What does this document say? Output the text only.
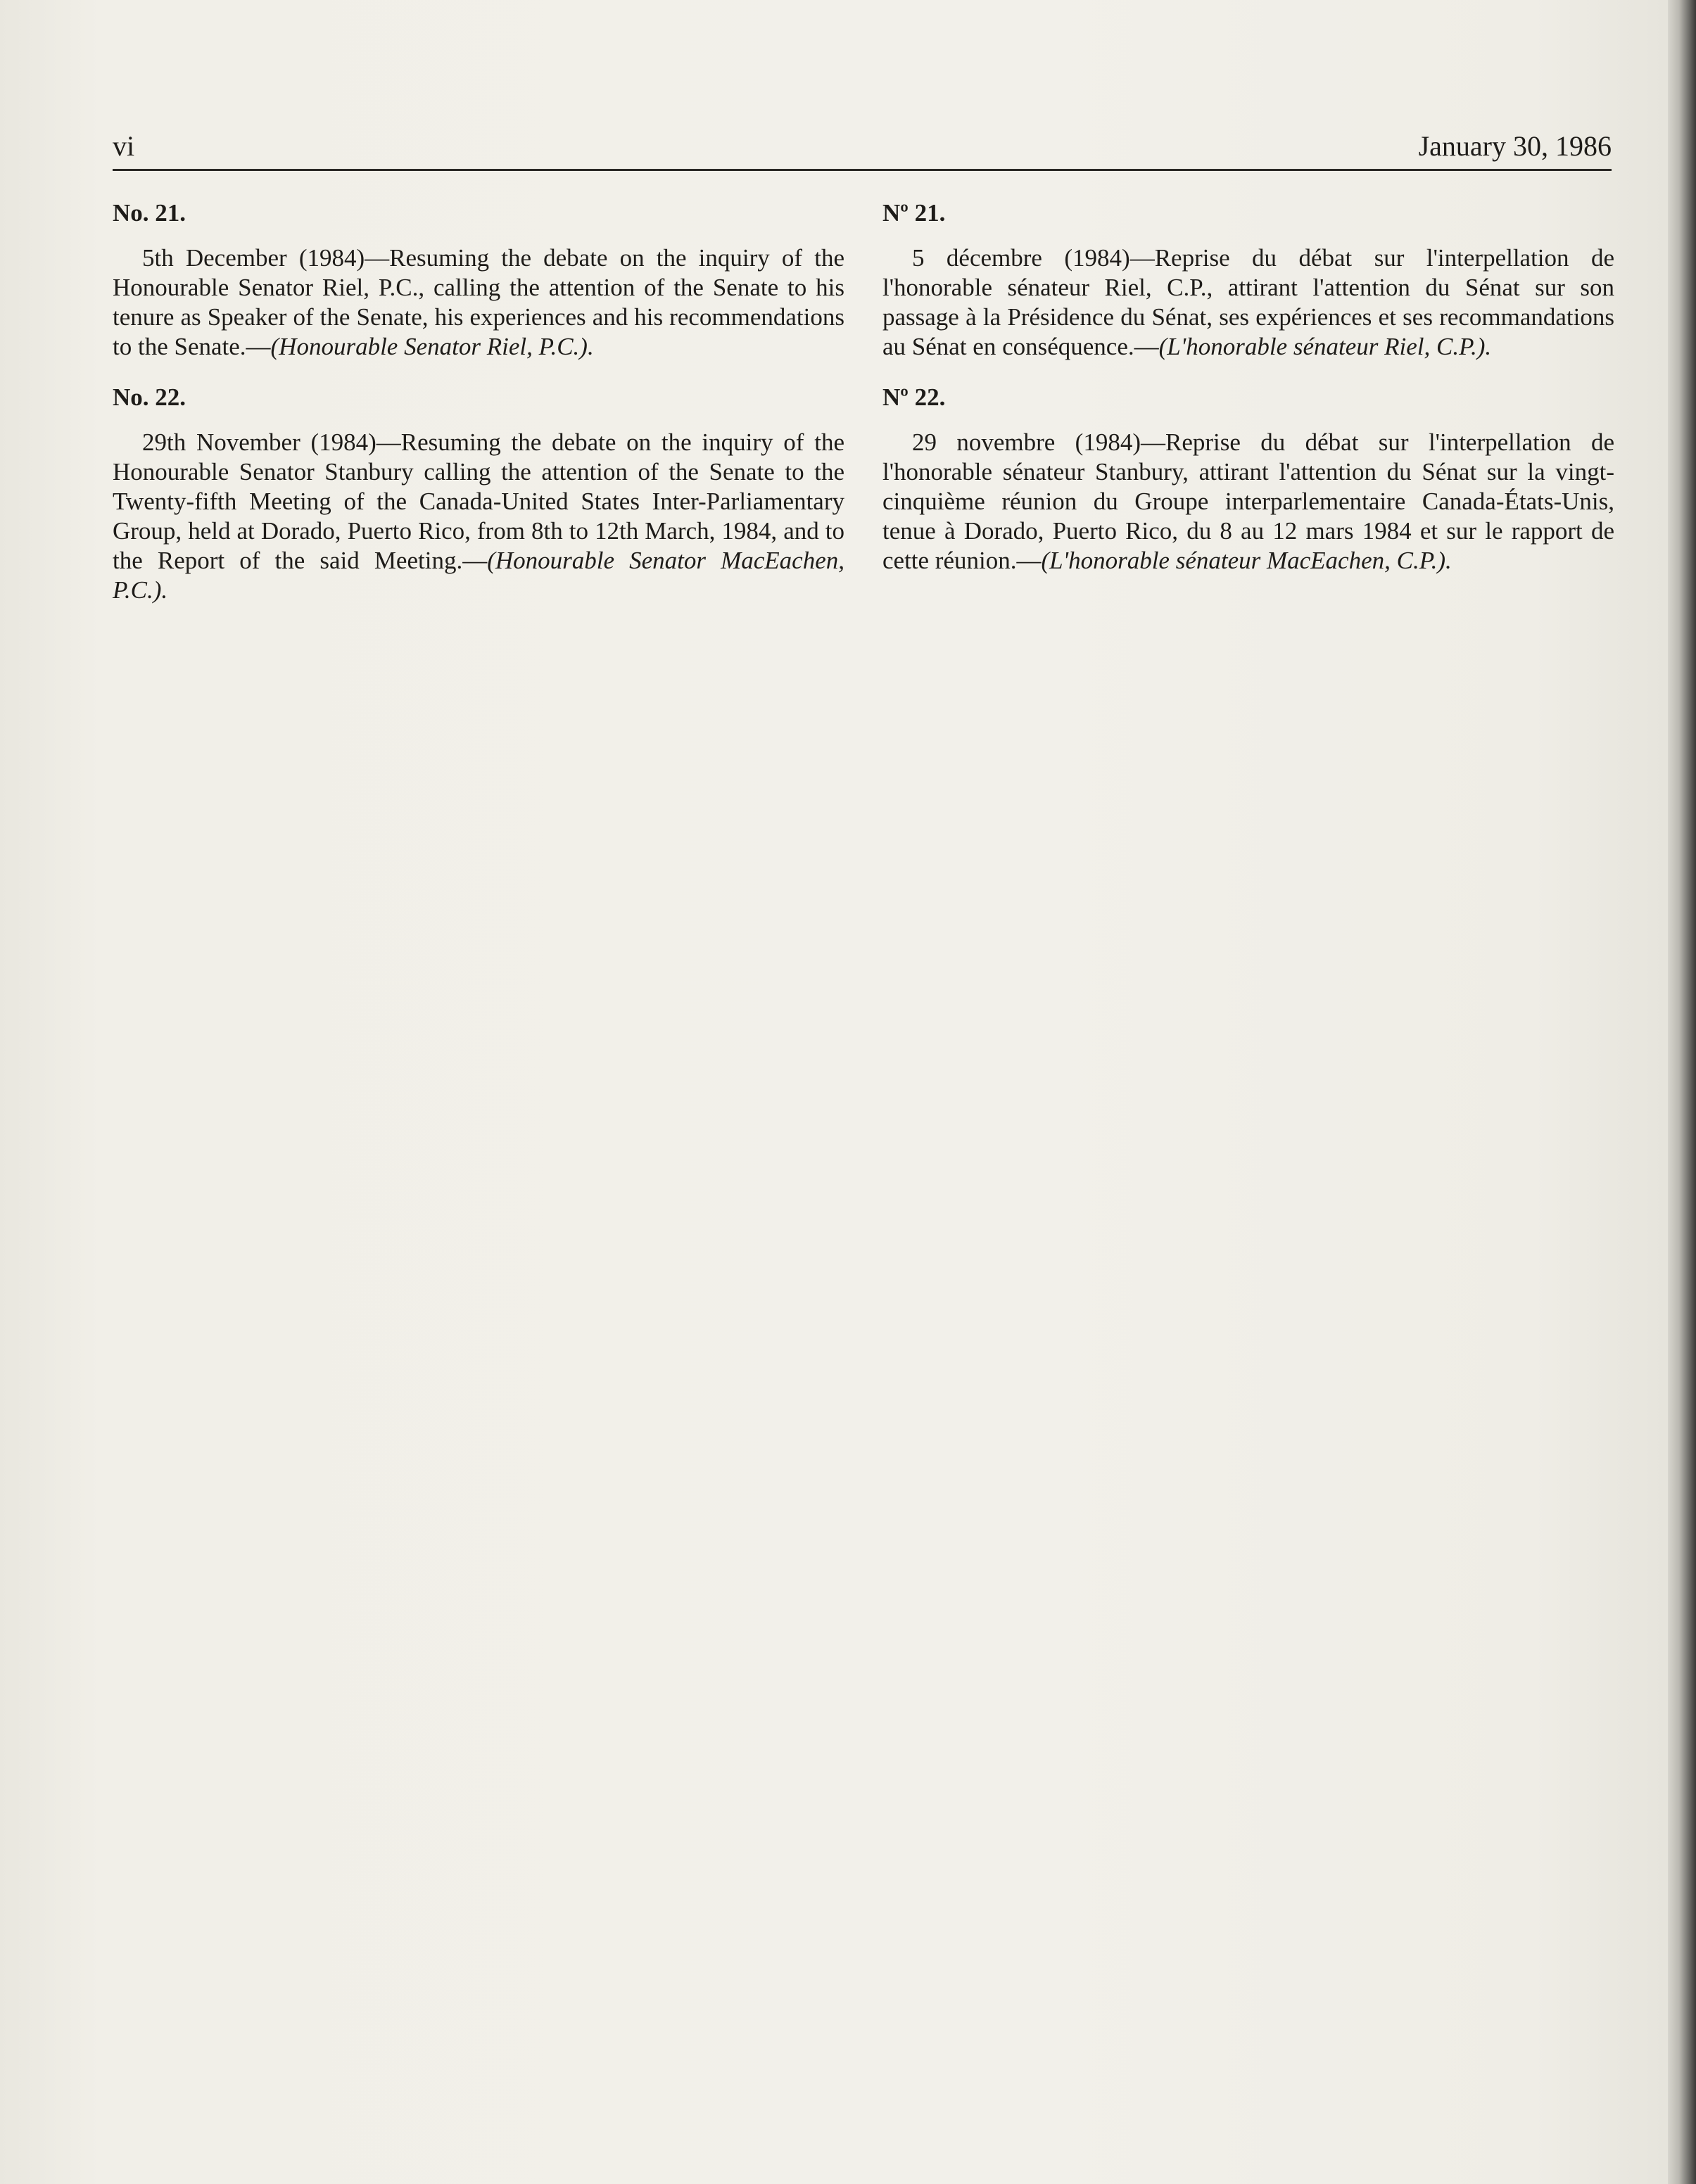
vi	January 30, 1986

No. 21.

5th December (1984)—Resuming the debate on the inquiry of the Honourable Senator Riel, P.C., calling the attention of the Senate to his tenure as Speaker of the Senate, his experiences and his recommendations to the Senate.—(Honourable Senator Riel, P.C.).

No. 22.

29th November (1984)—Resuming the debate on the inquiry of the Honourable Senator Stanbury calling the attention of the Senate to the Twenty-fifth Meeting of the Canada-United States Inter-Parliamentary Group, held at Dorado, Puerto Rico, from 8th to 12th March, 1984, and to the Report of the said Meeting.—(Honourable Senator MacEachen, P.C.).

Nº 21.

5 décembre (1984)—Reprise du débat sur l'interpellation de l'honorable sénateur Riel, C.P., attirant l'attention du Sénat sur son passage à la Présidence du Sénat, ses expériences et ses recommandations au Sénat en conséquence.—(L'honorable sénateur Riel, C.P.).

Nº 22.

29 novembre (1984)—Reprise du débat sur l'interpellation de l'honorable sénateur Stanbury, attirant l'attention du Sénat sur la vingt-cinquième réunion du Groupe interparlementaire Canada-États-Unis, tenue à Dorado, Puerto Rico, du 8 au 12 mars 1984 et sur le rapport de cette réunion.—(L'honorable sénateur MacEachen, C.P.).
